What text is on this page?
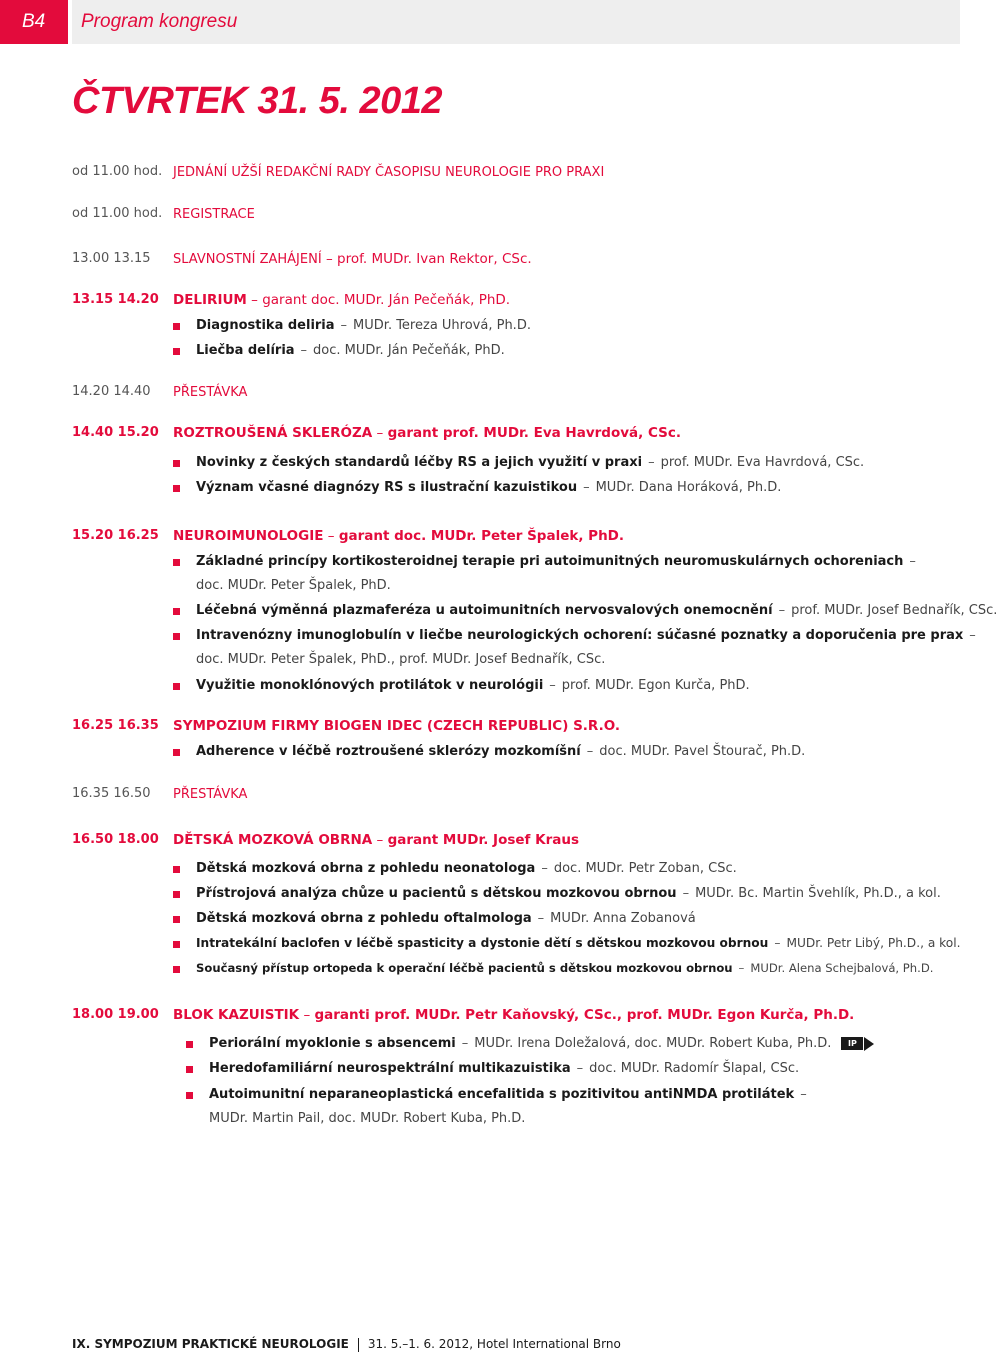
B4	Program kongresu
ČTVRTEK 31. 5. 2012
od 11.00 hod. JEDNÁNÍ UŽŠÍ REDAKČNÍ RADY ČASOPISU NEUROLOGIE PRO PRAXI
od 11.00 hod. REGISTRACE
13.00 13.15 SLAVNOSTNÍ ZAHÁJENÍ – prof. MUDr. Ivan Rektor, CSc.
13.15 14.20 DELIRIUM – garant doc. MUDr. Ján Pečeňák, PhD.
Diagnostika deliria – MUDr. Tereza Uhrová, Ph.D.
Liečba delíria – doc. MUDr. Ján Pečeňák, PhD.
14.20 14.40 PŘESTÁVKA
14.40 15.20 ROZTROUŠENÁ SKLERÓZA – garant prof. MUDr. Eva Havrdová, CSc.
Novinky z českých standardů léčby RS a jejich využití v praxi – prof. MUDr. Eva Havrdová, CSc.
Význam včasné diagnózy RS s ilustrační kazuistikou – MUDr. Dana Horáková, Ph.D.
15.20 16.25 NEUROIMUNOLOGIE – garant doc. MUDr. Peter Špalek, PhD.
Základné princípy kortikosteroidnej terapie pri autoimunitných neuromuskulárnych ochoreniach –
doc. MUDr. Peter Špalek, PhD.
Léčebná výměnná plazmaferéza u autoimunitních nervosvalových onemocnění – prof. MUDr. Josef Bednařík, CSc.
Intravenózny imunoglobulín v liečbe neurologických ochorení: súčasné poznatky a doporučenia pre prax –
doc. MUDr. Peter Špalek, PhD., prof. MUDr. Josef Bednařík, CSc.
Využitie monoklónových protilátok v neurológii – prof. MUDr. Egon Kurča, PhD.
16.25 16.35 SYMPOZIUM FIRMY BIOGEN IDEC (CZECH REPUBLIC) S.R.O.
Adherence v léčbě roztroušené sklerózy mozkomíšní – doc. MUDr. Pavel Štourač, Ph.D.
16.35 16.50 PŘESTÁVKA
16.50 18.00 DĚTSKÁ MOZKOVÁ OBRNA – garant MUDr. Josef Kraus
Dětská mozková obrna z pohledu neonatologa – doc. MUDr. Petr Zoban, CSc.
Přístrojová analýza chůze u pacientů s dětskou mozkovou obrnou – MUDr. Bc. Martin Švehlík, Ph.D., a kol.
Dětská mozková obrna z pohledu oftalmologa – MUDr. Anna Zobanová
Intratekální baclofen v léčbě spasticity a dystonie dětí s dětskou mozkovou obrnou – MUDr. Petr Libý, Ph.D., a kol.
Současný přístup ortopeda k operační léčbě pacientů s dětskou mozkovou obrnou – MUDr. Alena Schejbalová, Ph.D.
18.00 19.00 BLOK KAZUISTIK – garanti prof. MUDr. Petr Kaňovský, CSc., prof. MUDr. Egon Kurča, Ph.D.
Periorální myoklonie s absencemi – MUDr. Irena Doležalová, doc. MUDr. Robert Kuba, Ph.D. IP
Heredofamiliární neurospektrální multikazuistika – doc. MUDr. Radomír Šlapal, CSc.
Autoimunitní neparaneoplastická encefalitida s pozitivitou antiNMDA protilátek –
MUDr. Martin Pail, doc. MUDr. Robert Kuba, Ph.D.
IX. SYMPOZIUM PRAKTICKÉ NEUROLOGIE 31. 5.–1. 6. 2012, Hotel International Brno
